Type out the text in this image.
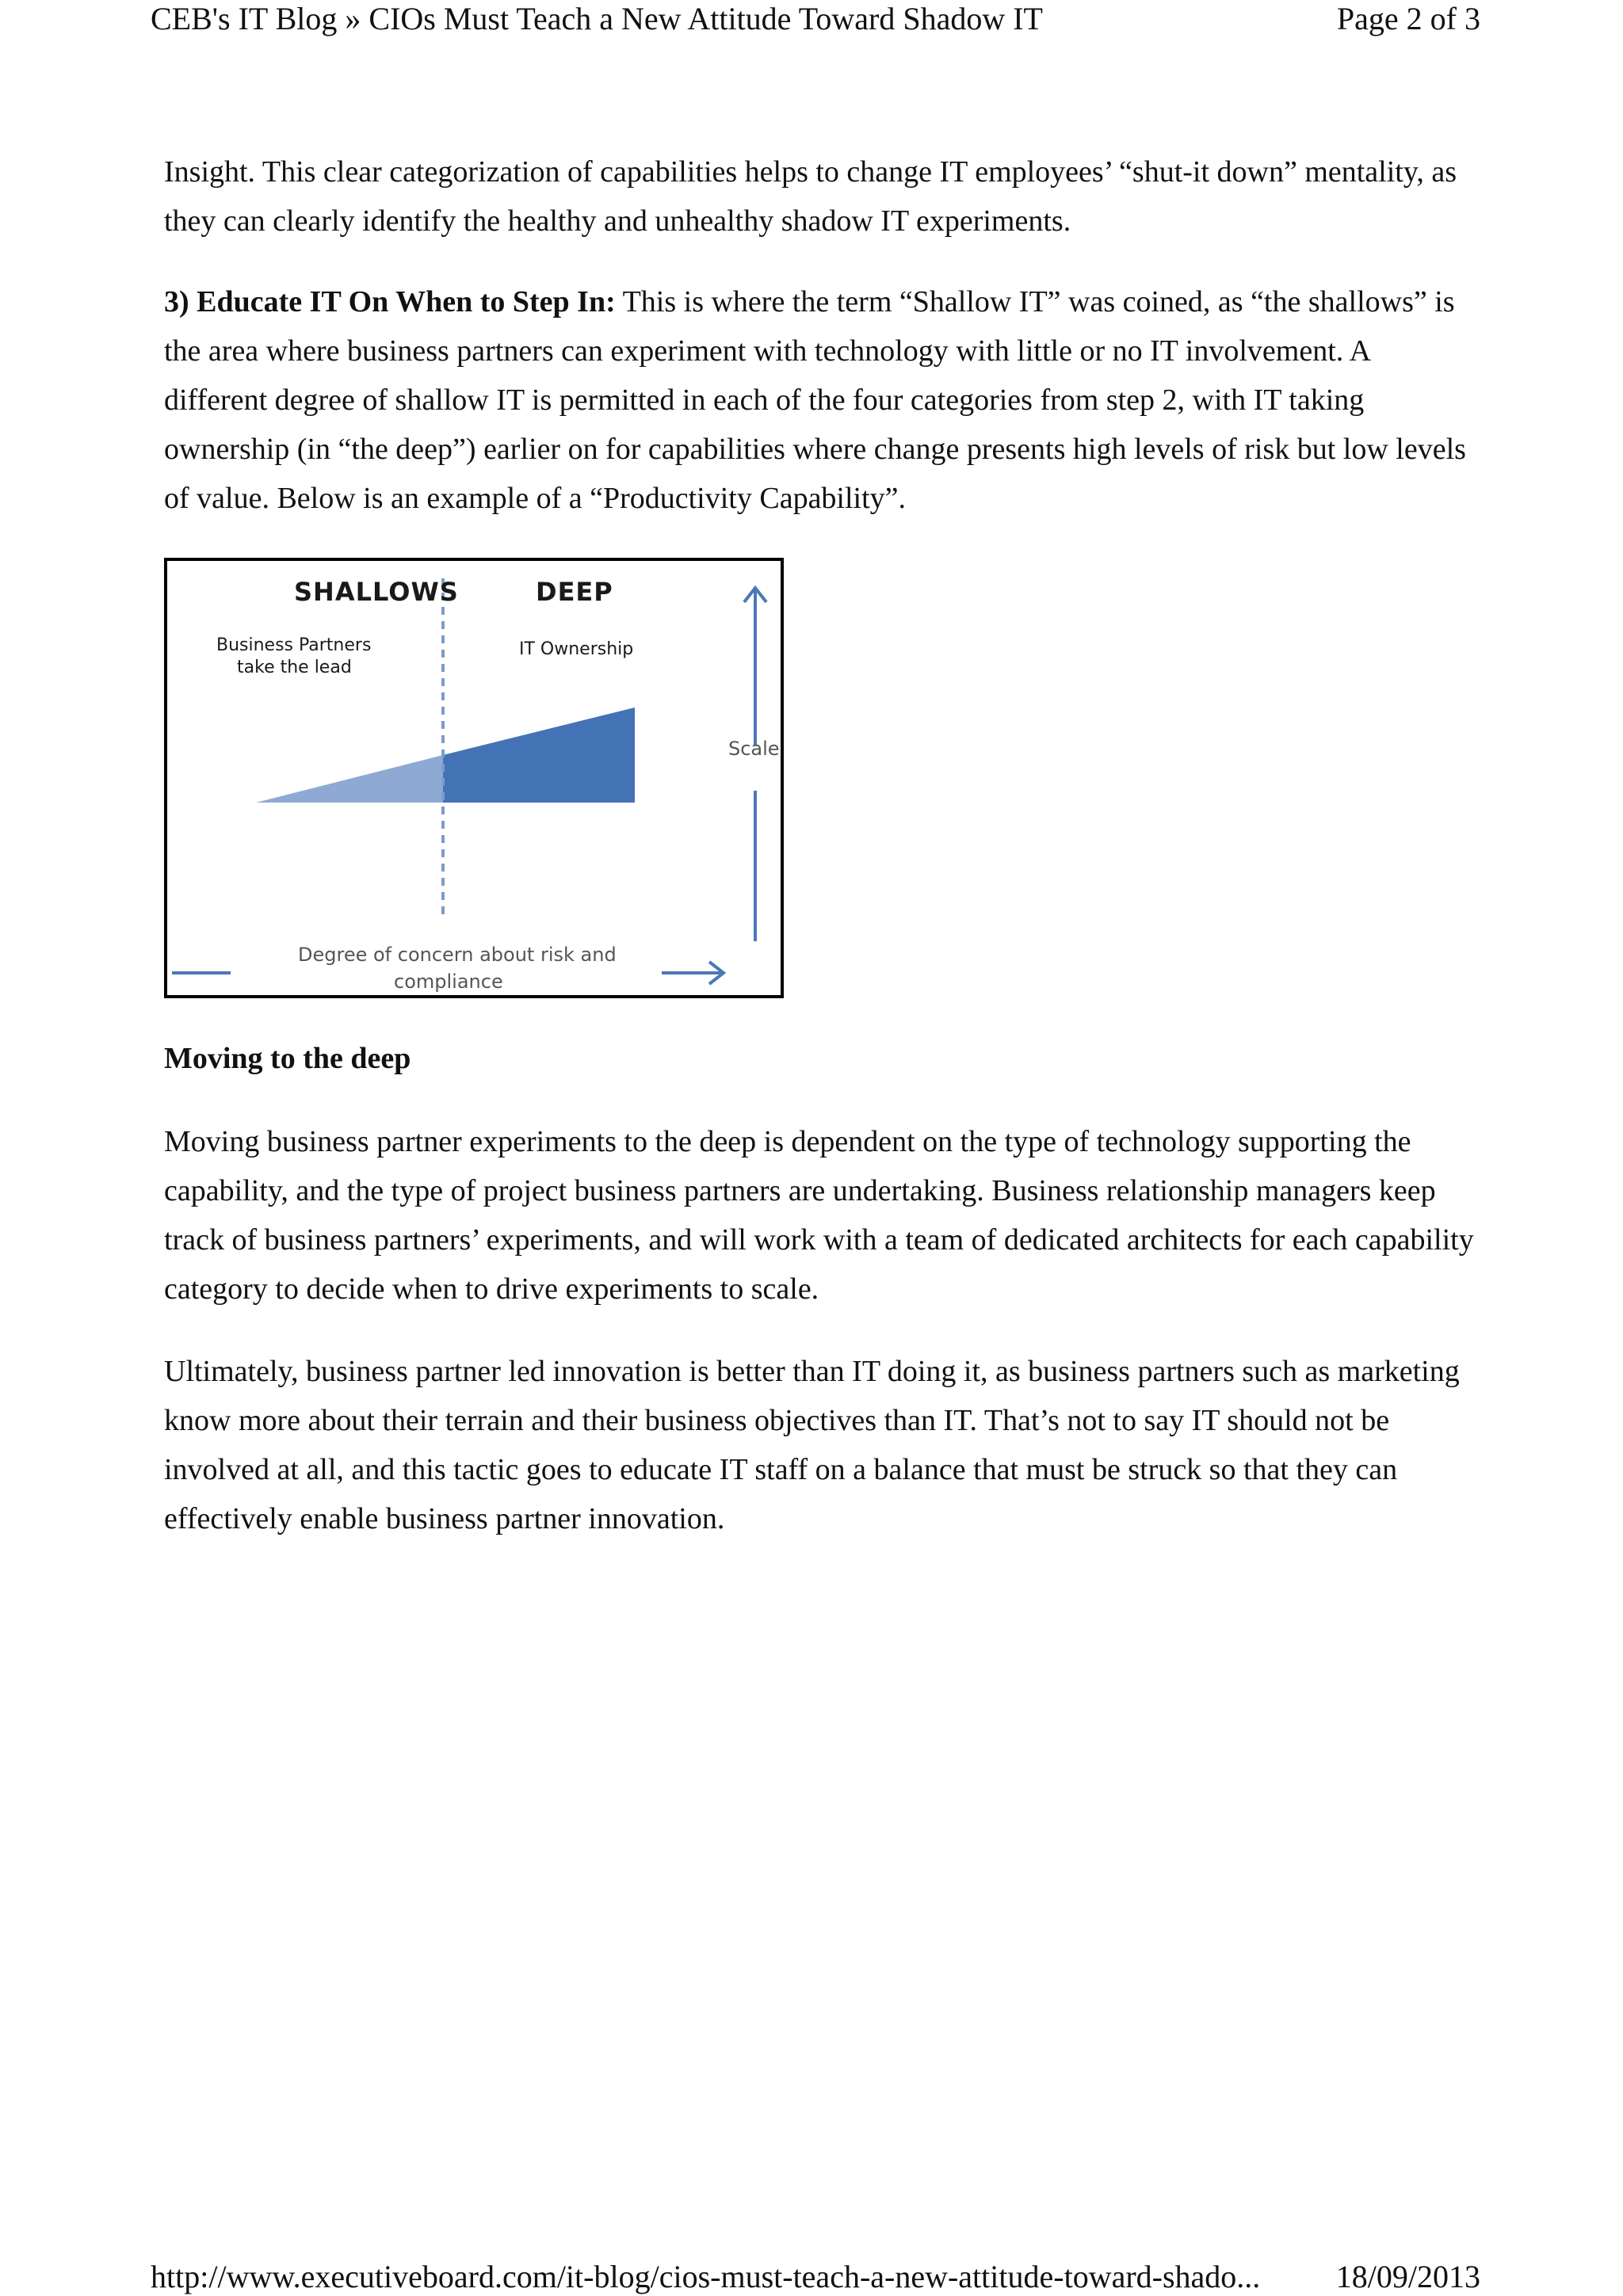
CEB's IT Blog » CIOs Must Teach a New Attitude Toward Shadow IT	Page 2 of 3

Insight. This clear categorization of capabilities helps to change IT employees’ “shut-it down” mentality, as they can clearly identify the healthy and unhealthy shadow IT experiments.

3) Educate IT On When to Step In: This is where the term “Shallow IT” was coined, as “the shallows” is the area where business partners can experiment with technology with little or no IT involvement. A different degree of shallow IT is permitted in each of the four categories from step 2, with IT taking ownership (in “the deep”) earlier on for capabilities where change presents high levels of risk but low levels of value. Below is an example of a “Productivity Capability”.

SHALLOWS
Business Partners
take the lead
DEEP
IT Ownership
Scale
Degree of concern about risk and
compliance
Moving to the deep

Moving business partner experiments to the deep is dependent on the type of technology supporting the capability, and the type of project business partners are undertaking. Business relationship managers keep track of business partners’ experiments, and will work with a team of dedicated architects for each capability category to decide when to drive experiments to scale.

Ultimately, business partner led innovation is better than IT doing it, as business partners such as marketing know more about their terrain and their business objectives than IT. That’s not to say IT should not be involved at all, and this tactic goes to educate IT staff on a balance that must be struck so that they can effectively enable business partner innovation.

http://www.executiveboard.com/it-blog/cios-must-teach-a-new-attitude-toward-shado... 18/09/2013
